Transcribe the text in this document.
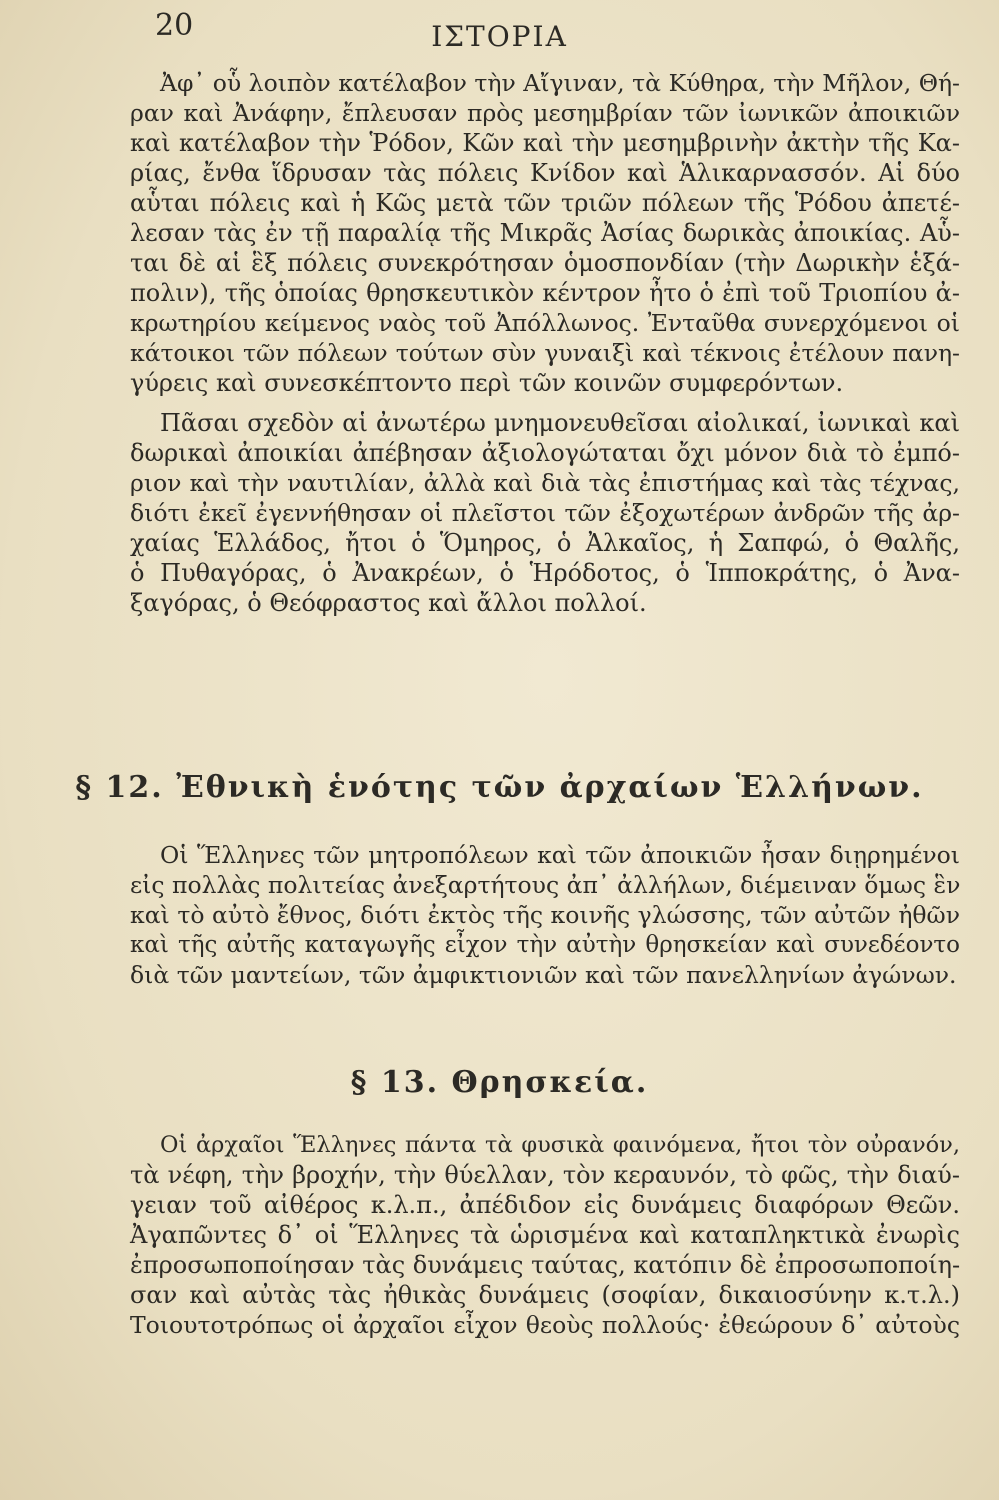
20	ΙΣΤΟΡΙΑ
Ἀφ᾽ οὗ λοιπὸν κατέλαβον τὴν Αἴγιναν, τὰ Κύθηρα, τὴν Μῆλον, Θή-
ραν καὶ Ἀνάφην, ἔπλευσαν πρὸς μεσημβρίαν τῶν ἰωνικῶν ἀποικιῶν
καὶ κατέλαβον τὴν Ῥόδον, Κῶν καὶ τὴν μεσημβρινὴν ἀκτὴν τῆς Κα-
ρίας, ἔνθα ἵδρυσαν τὰς πόλεις Κνίδον καὶ Ἁλικαρνασσόν. Αἱ δύο
αὗται πόλεις καὶ ἡ Κῶς μετὰ τῶν τριῶν πόλεων τῆς Ῥόδου ἀπετέ-
λεσαν τὰς ἐν τῇ παραλίᾳ τῆς Μικρᾶς Ἀσίας δωρικὰς ἀποικίας. Αὗ-
ται δὲ αἱ ἓξ πόλεις συνεκρότησαν ὁμοσπονδίαν (τὴν Δωρικὴν ἑξά-
πολιν), τῆς ὁποίας θρησκευτικὸν κέντρον ἦτο ὁ ἐπὶ τοῦ Τριοπίου ἀ-
κρωτηρίου κείμενος ναὸς τοῦ Ἀπόλλωνος. Ἐνταῦθα συνερχόμενοι οἱ
κάτοικοι τῶν πόλεων τούτων σὺν γυναιξὶ καὶ τέκνοις ἐτέλουν πανη-
γύρεις καὶ συνεσκέπτοντο περὶ τῶν κοινῶν συμφερόντων.
Πᾶσαι σχεδὸν αἱ ἀνωτέρω μνημονευθεῖσαι αἰολικαί, ἰωνικαὶ καὶ
δωρικαὶ ἀποικίαι ἀπέβησαν ἀξιολογώταται ὄχι μόνον διὰ τὸ ἐμπό-
ριον καὶ τὴν ναυτιλίαν, ἀλλὰ καὶ διὰ τὰς ἐπιστήμας καὶ τὰς τέχνας,
διότι ἐκεῖ ἐγεννήθησαν οἱ πλεῖστοι τῶν ἐξοχωτέρων ἀνδρῶν τῆς ἀρ-
χαίας Ἑλλάδος, ἤτοι ὁ Ὅμηρος, ὁ Ἀλκαῖος, ἡ Σαπφώ, ὁ Θαλῆς,
ὁ Πυθαγόρας, ὁ Ἀνακρέων, ὁ Ἡρόδοτος, ὁ Ἱπποκράτης, ὁ Ἀνα-
ξαγόρας, ὁ Θεόφραστος καὶ ἄλλοι πολλοί.
§ 12. Ἐθνικὴ ἑνότης τῶν ἀρχαίων Ἑλλήνων.
Οἱ Ἕλληνες τῶν μητροπόλεων καὶ τῶν ἀποικιῶν ἦσαν διῃρημένοι
εἰς πολλὰς πολιτείας ἀνεξαρτήτους ἀπ᾽ ἀλλήλων, διέμειναν ὅμως ἓν
καὶ τὸ αὐτὸ ἔθνος, διότι ἐκτὸς τῆς κοινῆς γλώσσης, τῶν αὐτῶν ἠθῶν
καὶ τῆς αὐτῆς καταγωγῆς εἶχον τὴν αὐτὴν θρησκείαν καὶ συνεδέοντο
διὰ τῶν μαντείων, τῶν ἀμφικτιονιῶν καὶ τῶν πανελληνίων ἀγώνων.
§ 13. Θρησκεία.
Οἱ ἀρχαῖοι Ἕλληνες πάντα τὰ φυσικὰ φαινόμενα, ἤτοι τὸν οὐρανόν,
τὰ νέφη, τὴν βροχήν, τὴν θύελλαν, τὸν κεραυνόν, τὸ φῶς, τὴν διαύ-
γειαν τοῦ αἰθέρος κ.λ.π., ἀπέδιδον εἰς δυνάμεις διαφόρων Θεῶν.
Ἀγαπῶντες δ᾽ οἱ Ἕλληνες τὰ ὡρισμένα καὶ καταπληκτικὰ ἐνωρὶς
ἐπροσωποποίησαν τὰς δυνάμεις ταύτας, κατόπιν δὲ ἐπροσωποποίη-
σαν καὶ αὐτὰς τὰς ἠθικὰς δυνάμεις (σοφίαν, δικαιοσύνην κ.τ.λ.)
Τοιουτοτρόπως οἱ ἀρχαῖοι εἶχον θεοὺς πολλούς· ἐθεώρουν δ᾽ αὐτοὺς
